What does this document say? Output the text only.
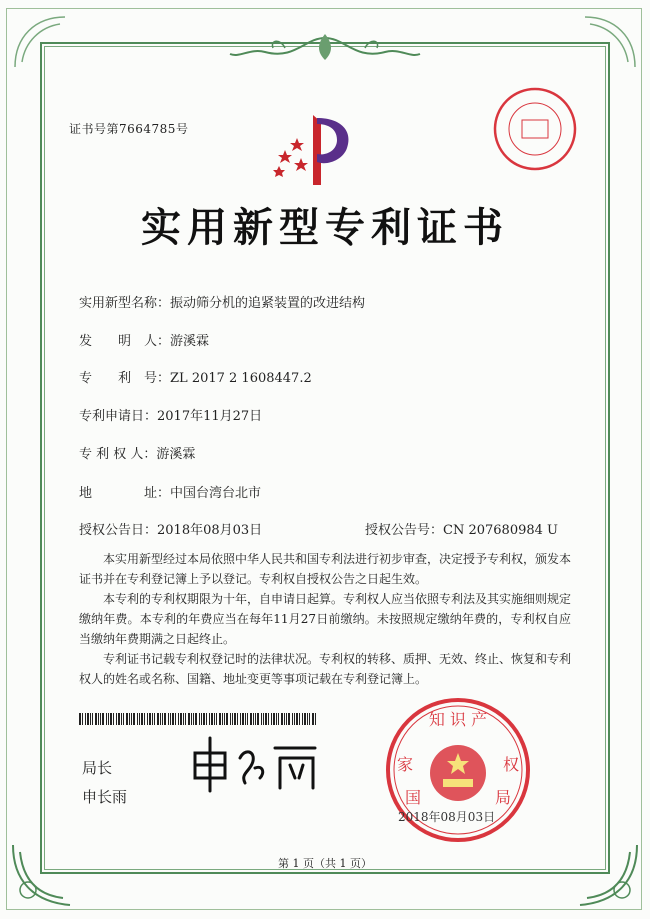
证书号第7664785号
实用新型专利证书
实用新型名称：振动筛分机的追紧装置的改进结构
发　　明　人：游溪霖
专　　利　号：ZL 2017 2 1608447.2
专利申请日：2017年11月27日
专 利 权 人：游溪霖
地　　　　址：中国台湾台北市
授权公告日：2018年08月03日	授权公告号：CN 207680984 U
本实用新型经过本局依照中华人民共和国专利法进行初步审查，决定授予专利权，颁发本证书并在专利登记簿上予以登记。专利权自授权公告之日起生效。
本专利的专利权期限为十年，自申请日起算。专利权人应当依照专利法及其实施细则规定缴纳年费。本专利的年费应当在每年11月27日前缴纳。未按照规定缴纳年费的，专利权自应当缴纳年费期满之日起终止。
专利证书记载专利权登记时的法律状况。专利权的转移、质押、无效、终止、恢复和专利权人的姓名或名称、国籍、地址变更等事项记载在专利登记簿上。
局长
申长雨
知 识 产
家	权
国	局
2018年08月03日
第 1 页（共 1 页）
